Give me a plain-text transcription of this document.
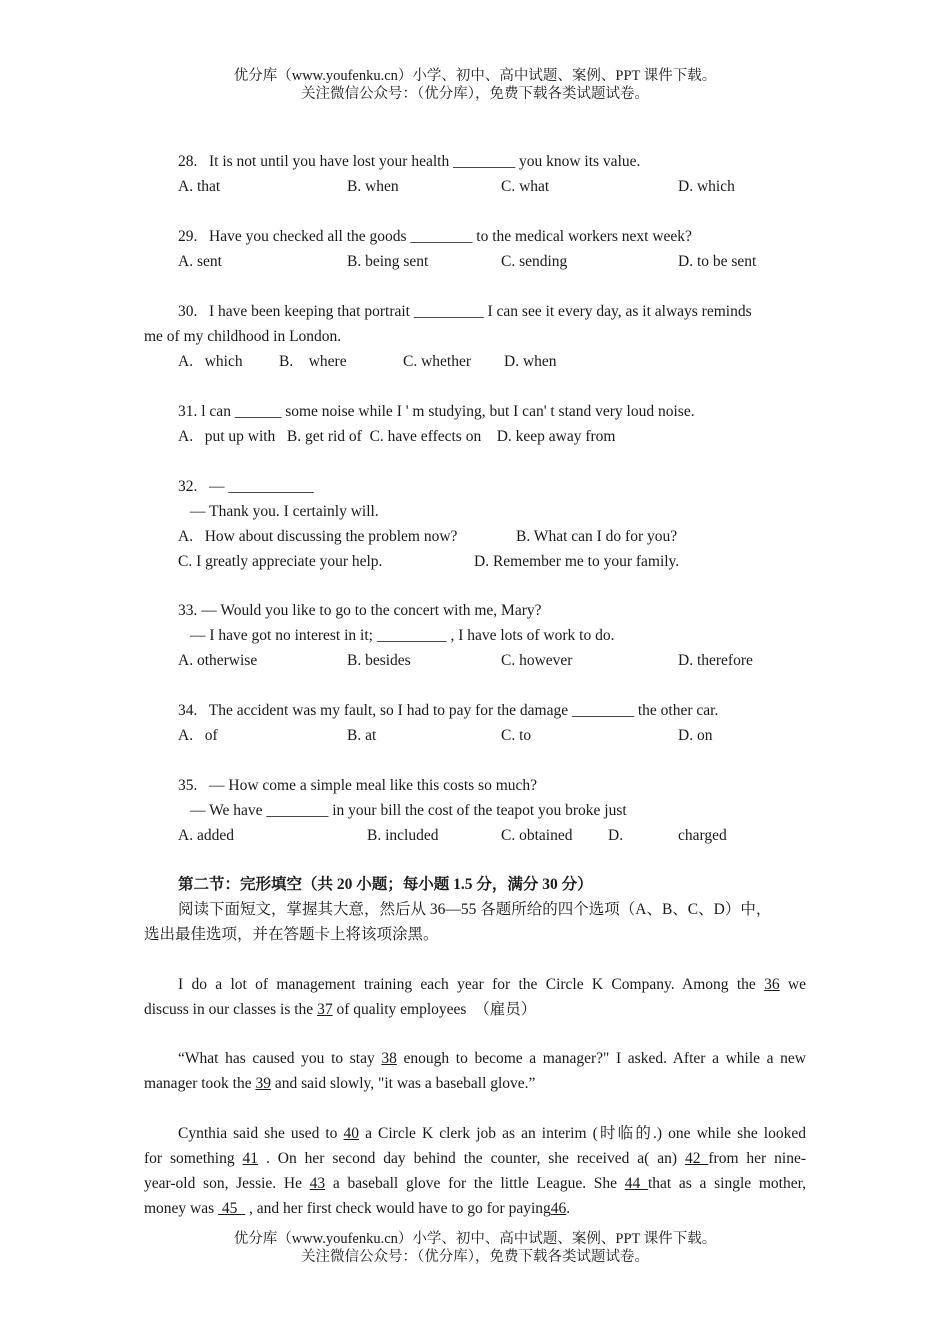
优分库（www.youfenku.cn）小学、初中、高中试题、案例、PPT 课件下载。
关注微信公众号：（优分库），免费下载各类试题试卷。
28.   It is not until you have lost your health ________ you know its value.
A. that	B. when	C. what	D. which
29.   Have you checked all the goods ________ to the medical workers next week?
A. sent	B. being sent	C. sending	D. to be sent
30.   I have been keeping that portrait _________ I can see it every day, as it always reminds
me of my childhood in London.
A.   which B.    where	C. whether D. when
31. l can ______ some noise while I ' m studying, but I can' t stand very loud noise.
A.   put up with   B. get rid of  C. have effects on    D. keep away from
32.   — ___________
— Thank you. I certainly will.
A.   How about discussing the problem now?	B. What can I do for you?
C. I greatly appreciate your help.	D. Remember me to your family.
33. — Would you like to go to the concert with me, Mary?
— I have got no interest in it; _________ , I have lots of work to do.
A. otherwise	B. besides	C. however	D. therefore
34.   The accident was my fault, so I had to pay for the damage ________ the other car.
A.   of	B. at	C. to	D. on
35.   — How come a simple meal like this costs so much?
— We have ________ in your bill the cost of the teapot you broke just
A. added	B. included	C. obtained D.	charged
第二节：完形填空（共 20 小题；每小题 1.5 分，满分 30 分）
阅读下面短文，掌握其大意，然后从 36—55 各题所给的四个选项（A、B、C、D）中，
选出最佳选项，并在答题卡上将该项涂黑。
I do a lot of management training each year for the Circle K Company. Among the 36 we
discuss in our classes is the 37 of quality employees  （雇员）
“What has caused you to stay 38 enough to become a manager?" I asked. After a while a new
manager took the 39 and said slowly, "it was a baseball glove.”
Cynthia said she used to 40 a Circle K clerk job as an interim (时临的.) one while she looked
for something 41 . On her second day behind the counter, she received a( an) 42 from her nine-
year-old son, Jessie. He 43 a baseball glove for the little League. She 44 that as a single mother,
money was  45   , and her first check would have to go for paying46.
优分库（www.youfenku.cn）小学、初中、高中试题、案例、PPT 课件下载。
关注微信公众号：（优分库），免费下载各类试题试卷。
